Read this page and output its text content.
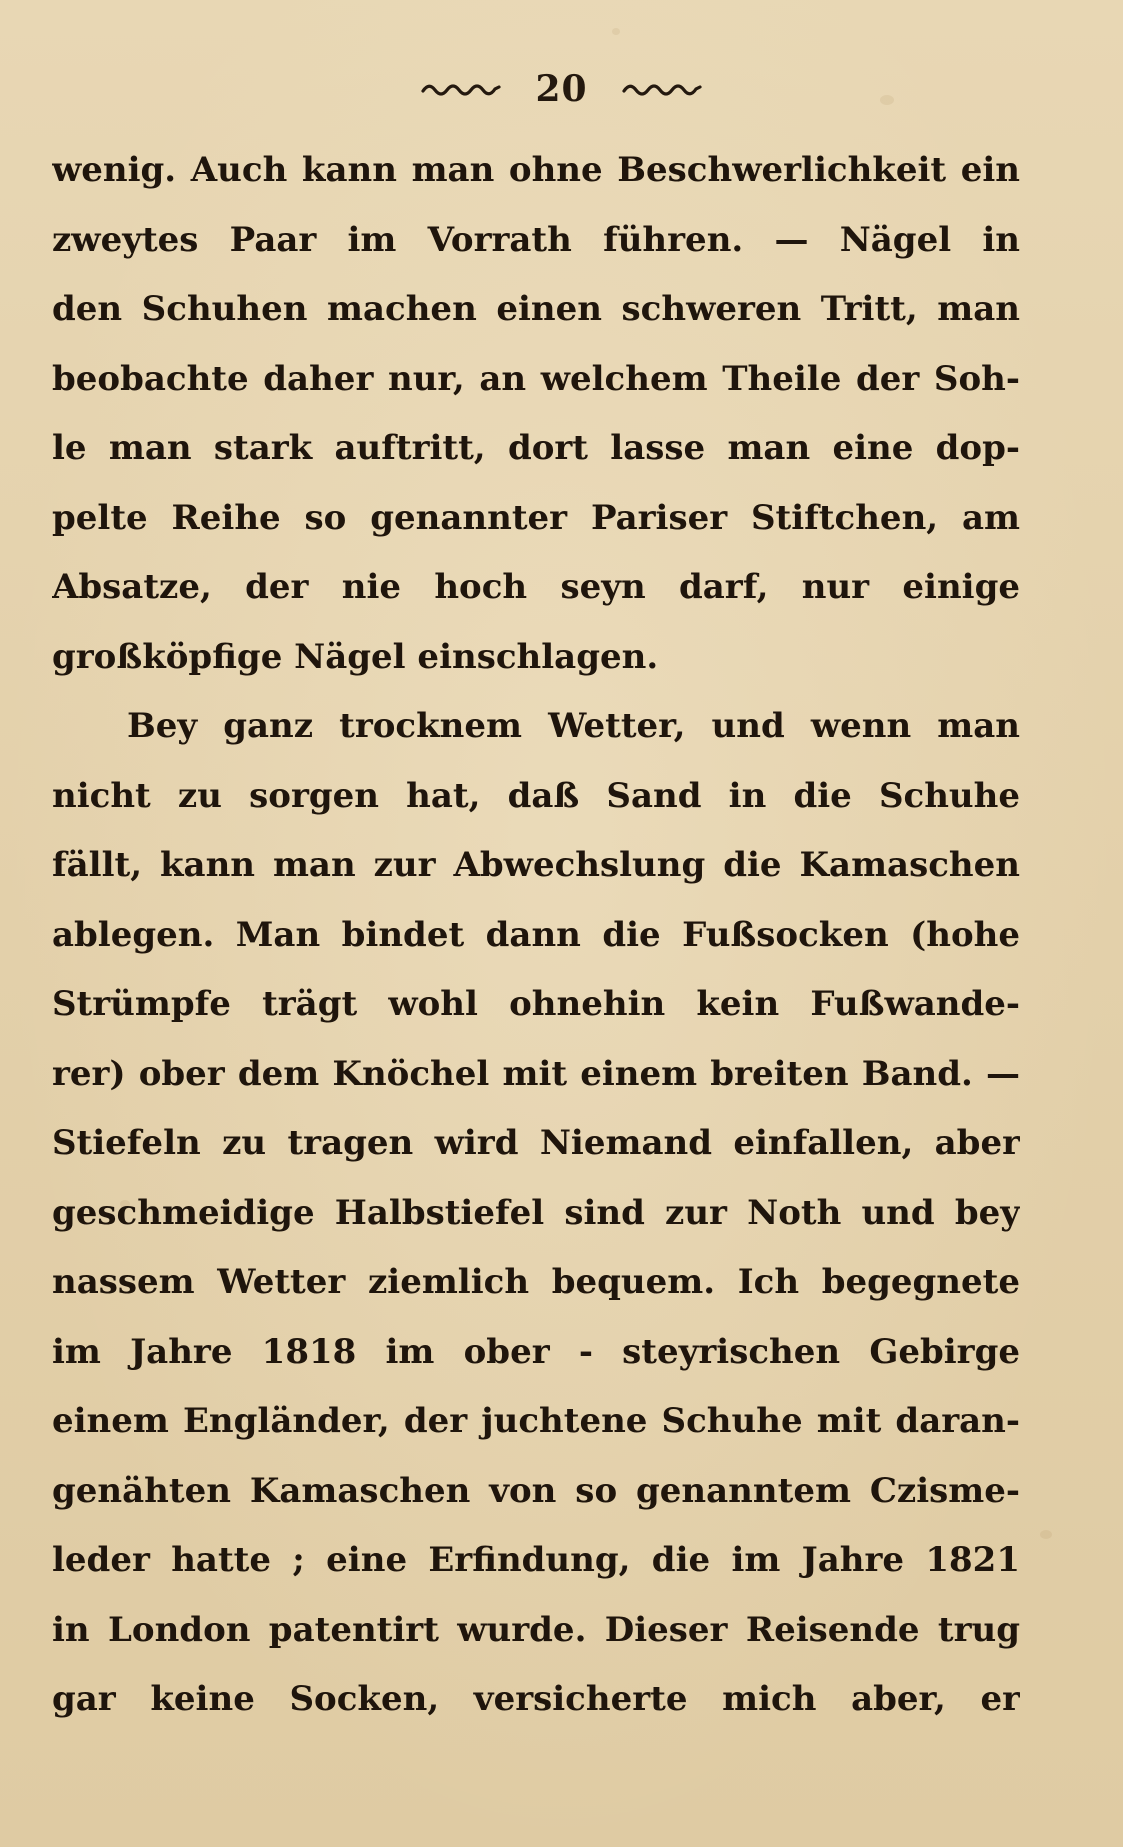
20
wenig. Auch kann man ohne Beschwerlichkeit ein
zweytes Paar im Vorrath führen. — Nägel in
den Schuhen machen einen schweren Tritt, man
beobachte daher nur, an welchem Theile der Soh-
le man stark auftritt, dort lasse man eine dop-
pelte Reihe so genannter Pariser Stiftchen, am
Absatze, der nie hoch seyn darf, nur einige
großköpfige Nägel einschlagen.
Bey ganz trocknem Wetter, und wenn man
nicht zu sorgen hat, daß Sand in die Schuhe
fällt, kann man zur Abwechslung die Kamaschen
ablegen. Man bindet dann die Fußsocken (hohe
Strümpfe trägt wohl ohnehin kein Fußwande-
rer) ober dem Knöchel mit einem breiten Band. —
Stiefeln zu tragen wird Niemand einfallen, aber
geschmeidige Halbstiefel sind zur Noth und bey
nassem Wetter ziemlich bequem. Ich begegnete
im Jahre 1818 im ober - steyrischen Gebirge
einem Engländer, der juchtene Schuhe mit daran-
genähten Kamaschen von so genanntem Czisme-
leder hatte ; eine Erfindung, die im Jahre 1821
in London patentirt wurde. Dieser Reisende trug
gar keine Socken, versicherte mich aber, er
